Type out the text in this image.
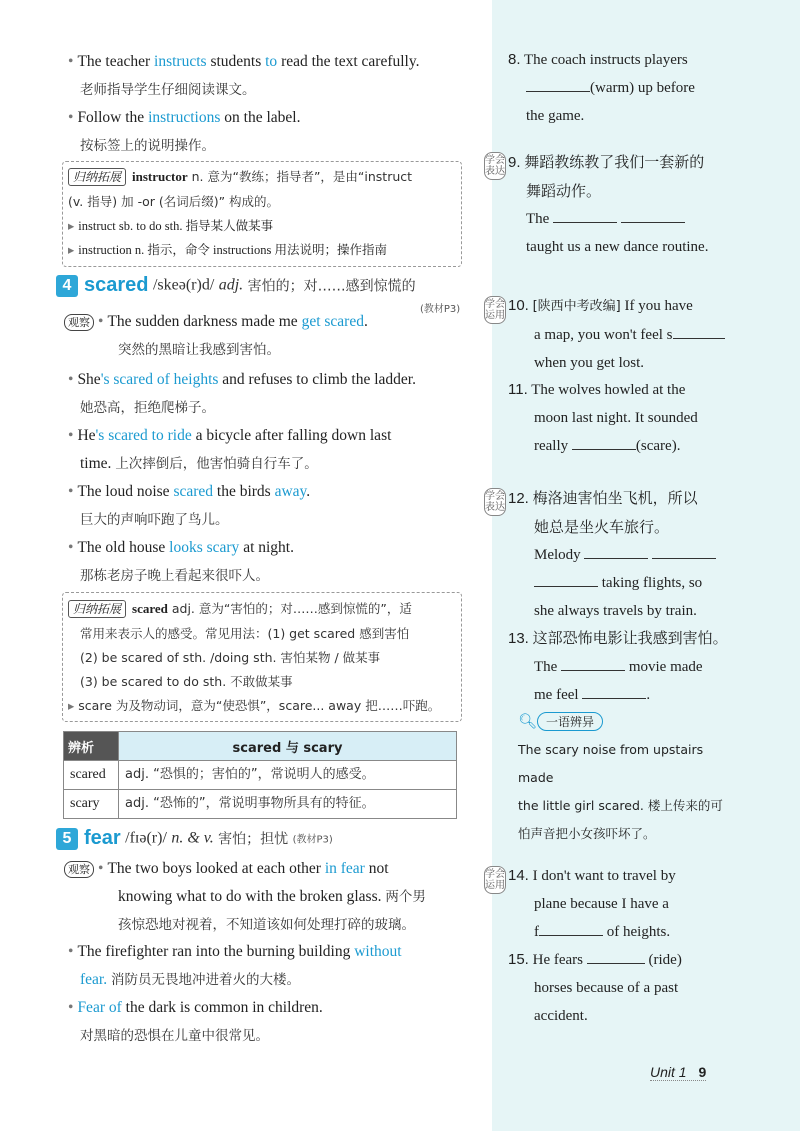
• The teacher instructs students to read the text carefully.
老师指导学生仔细阅读课文。
• Follow the instructions on the label.
按标签上的说明操作。
归纳拓展 instructor n. 意为“教练；指导者”，是由“instruct
(v. 指导) 加 -or (名词后缀)” 构成的。
▸ instruct sb. to do sth. 指导某人做某事
▸ instruction n. 指示，命令 instructions 用法说明；操作指南
4 scared /skeə(r)d/ adj. 害怕的；对……感到惊慌的
(教材P3)
观察 • The sudden darkness made me get scared.
突然的黑暗让我感到害怕。
• She's scared of heights and refuses to climb the ladder.
她恐高，拒绝爬梯子。
• He's scared to ride a bicycle after falling down last
time. 上次摔倒后，他害怕骑自行车了。
• The loud noise scared the birds away.
巨大的声响吓跑了鸟儿。
• The old house looks scary at night.
那栋老房子晚上看起来很吓人。
归纳拓展 scared adj. 意为“害怕的；对……感到惊慌的”，适
常用来表示人的感受。常见用法：(1) get scared 感到害怕
(2) be scared of sth. /doing sth. 害怕某物 / 做某事
(3) be scared to do sth. 不敢做某事
▸ scare 为及物动词，意为“使恐惧”，scare... away 把……吓跑。
辨析	scared 与 scary
scared	adj. “恐惧的；害怕的”，常说明人的感受。
scary	adj. “恐怖的”，常说明事物所具有的特征。
5 fear /fɪə(r)/ n. & v. 害怕；担忧 (教材P3)
观察 • The two boys looked at each other in fear not
knowing what to do with the broken glass. 两个男
孩惊恐地对视着，不知道该如何处理打碎的玻璃。
• The firefighter ran into the burning building without
fear. 消防员无畏地冲进着火的大楼。
• Fear of the dark is common in children.
对黑暗的恐惧在儿童中很常见。
8. The coach instructs players
(warm) up before
the game.
学会表达
9. 舞蹈教练教了我们一套新的
舞蹈动作。
The
taught us a new dance routine.
学会运用
10. [陕西中考改编] If you have
a map, you won't feel s
when you get lost.
11. The wolves howled at the
moon last night. It sounded
really	(scare).
学会表达
12. 梅洛迪害怕坐飞机，所以
她总是坐火车旅行。
Melody
taking flights, so
she always travels by train.
13. 这部恐怖电影让我感到害怕。
The	movie made
me feel	.
🔍︎ 一语辨异
The scary noise from upstairs made
the little girl scared. 楼上传来的可
怕声音把小女孩吓坏了。
学会运用
14. I don't want to travel by
plane because I have a
f	of heights.
15. He fears	(ride)
horses because of a past
accident.
Unit 1 9
